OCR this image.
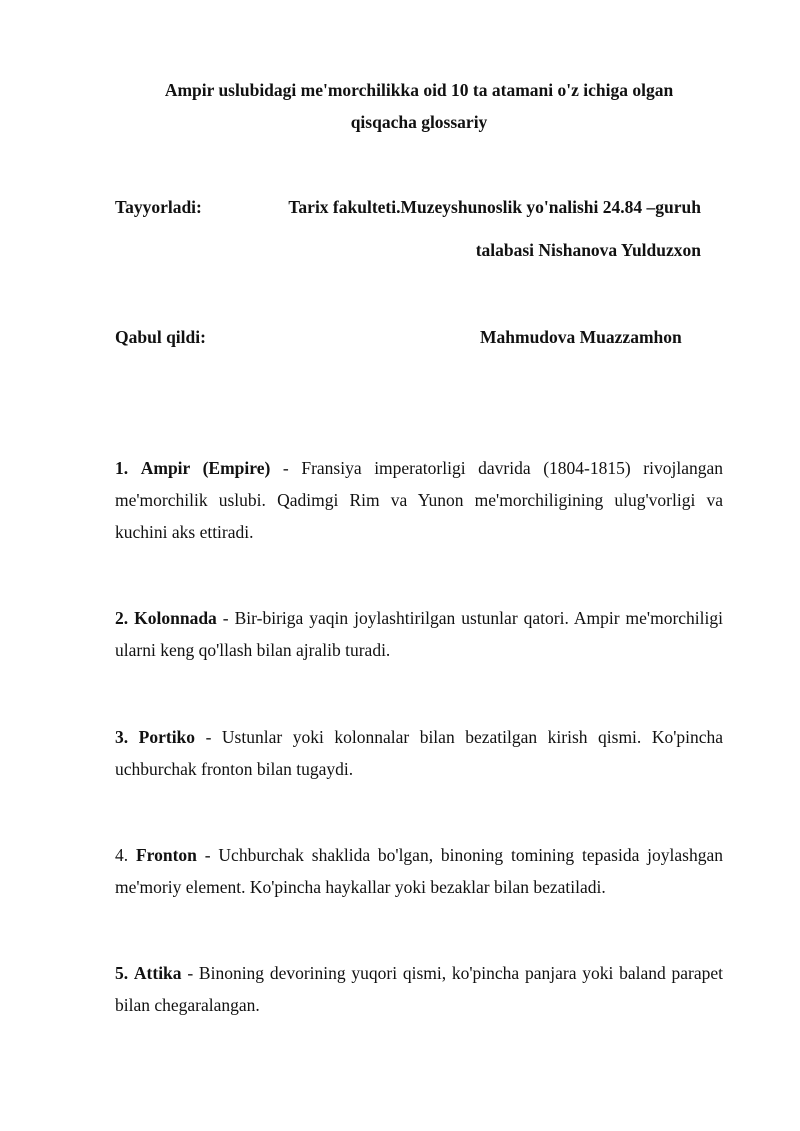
Ampir uslubidagi me'morchilikka oid 10 ta atamani o'z ichiga olgan
qisqacha glossariy
Tayyorladi:	Tarix fakulteti.Muzeyshunoslik yo'nalishi 24.84 –guruh
talabasi Nishanova Yulduzxon
Qabul qildi:	Mahmudova Muazzamhon

1. Ampir (Empire) - Fransiya imperatorligi davrida (1804-1815) rivojlangan me'morchilik uslubi. Qadimgi Rim va Yunon me'morchiligining ulug'vorligi va kuchini aks ettiradi.

2. Kolonnada - Bir-biriga yaqin joylashtirilgan ustunlar qatori. Ampir me'morchiligi ularni keng qo'llash bilan ajralib turadi.

3. Portiko - Ustunlar yoki kolonnalar bilan bezatilgan kirish qismi. Ko'pincha uchburchak fronton bilan tugaydi.

4. Fronton - Uchburchak shaklida bo'lgan, binoning tomining tepasida joylashgan me'moriy element. Ko'pincha haykallar yoki bezaklar bilan bezatiladi.

5. Attika - Binoning devorining yuqori qismi, ko'pincha panjara yoki baland parapet bilan chegaralangan.
